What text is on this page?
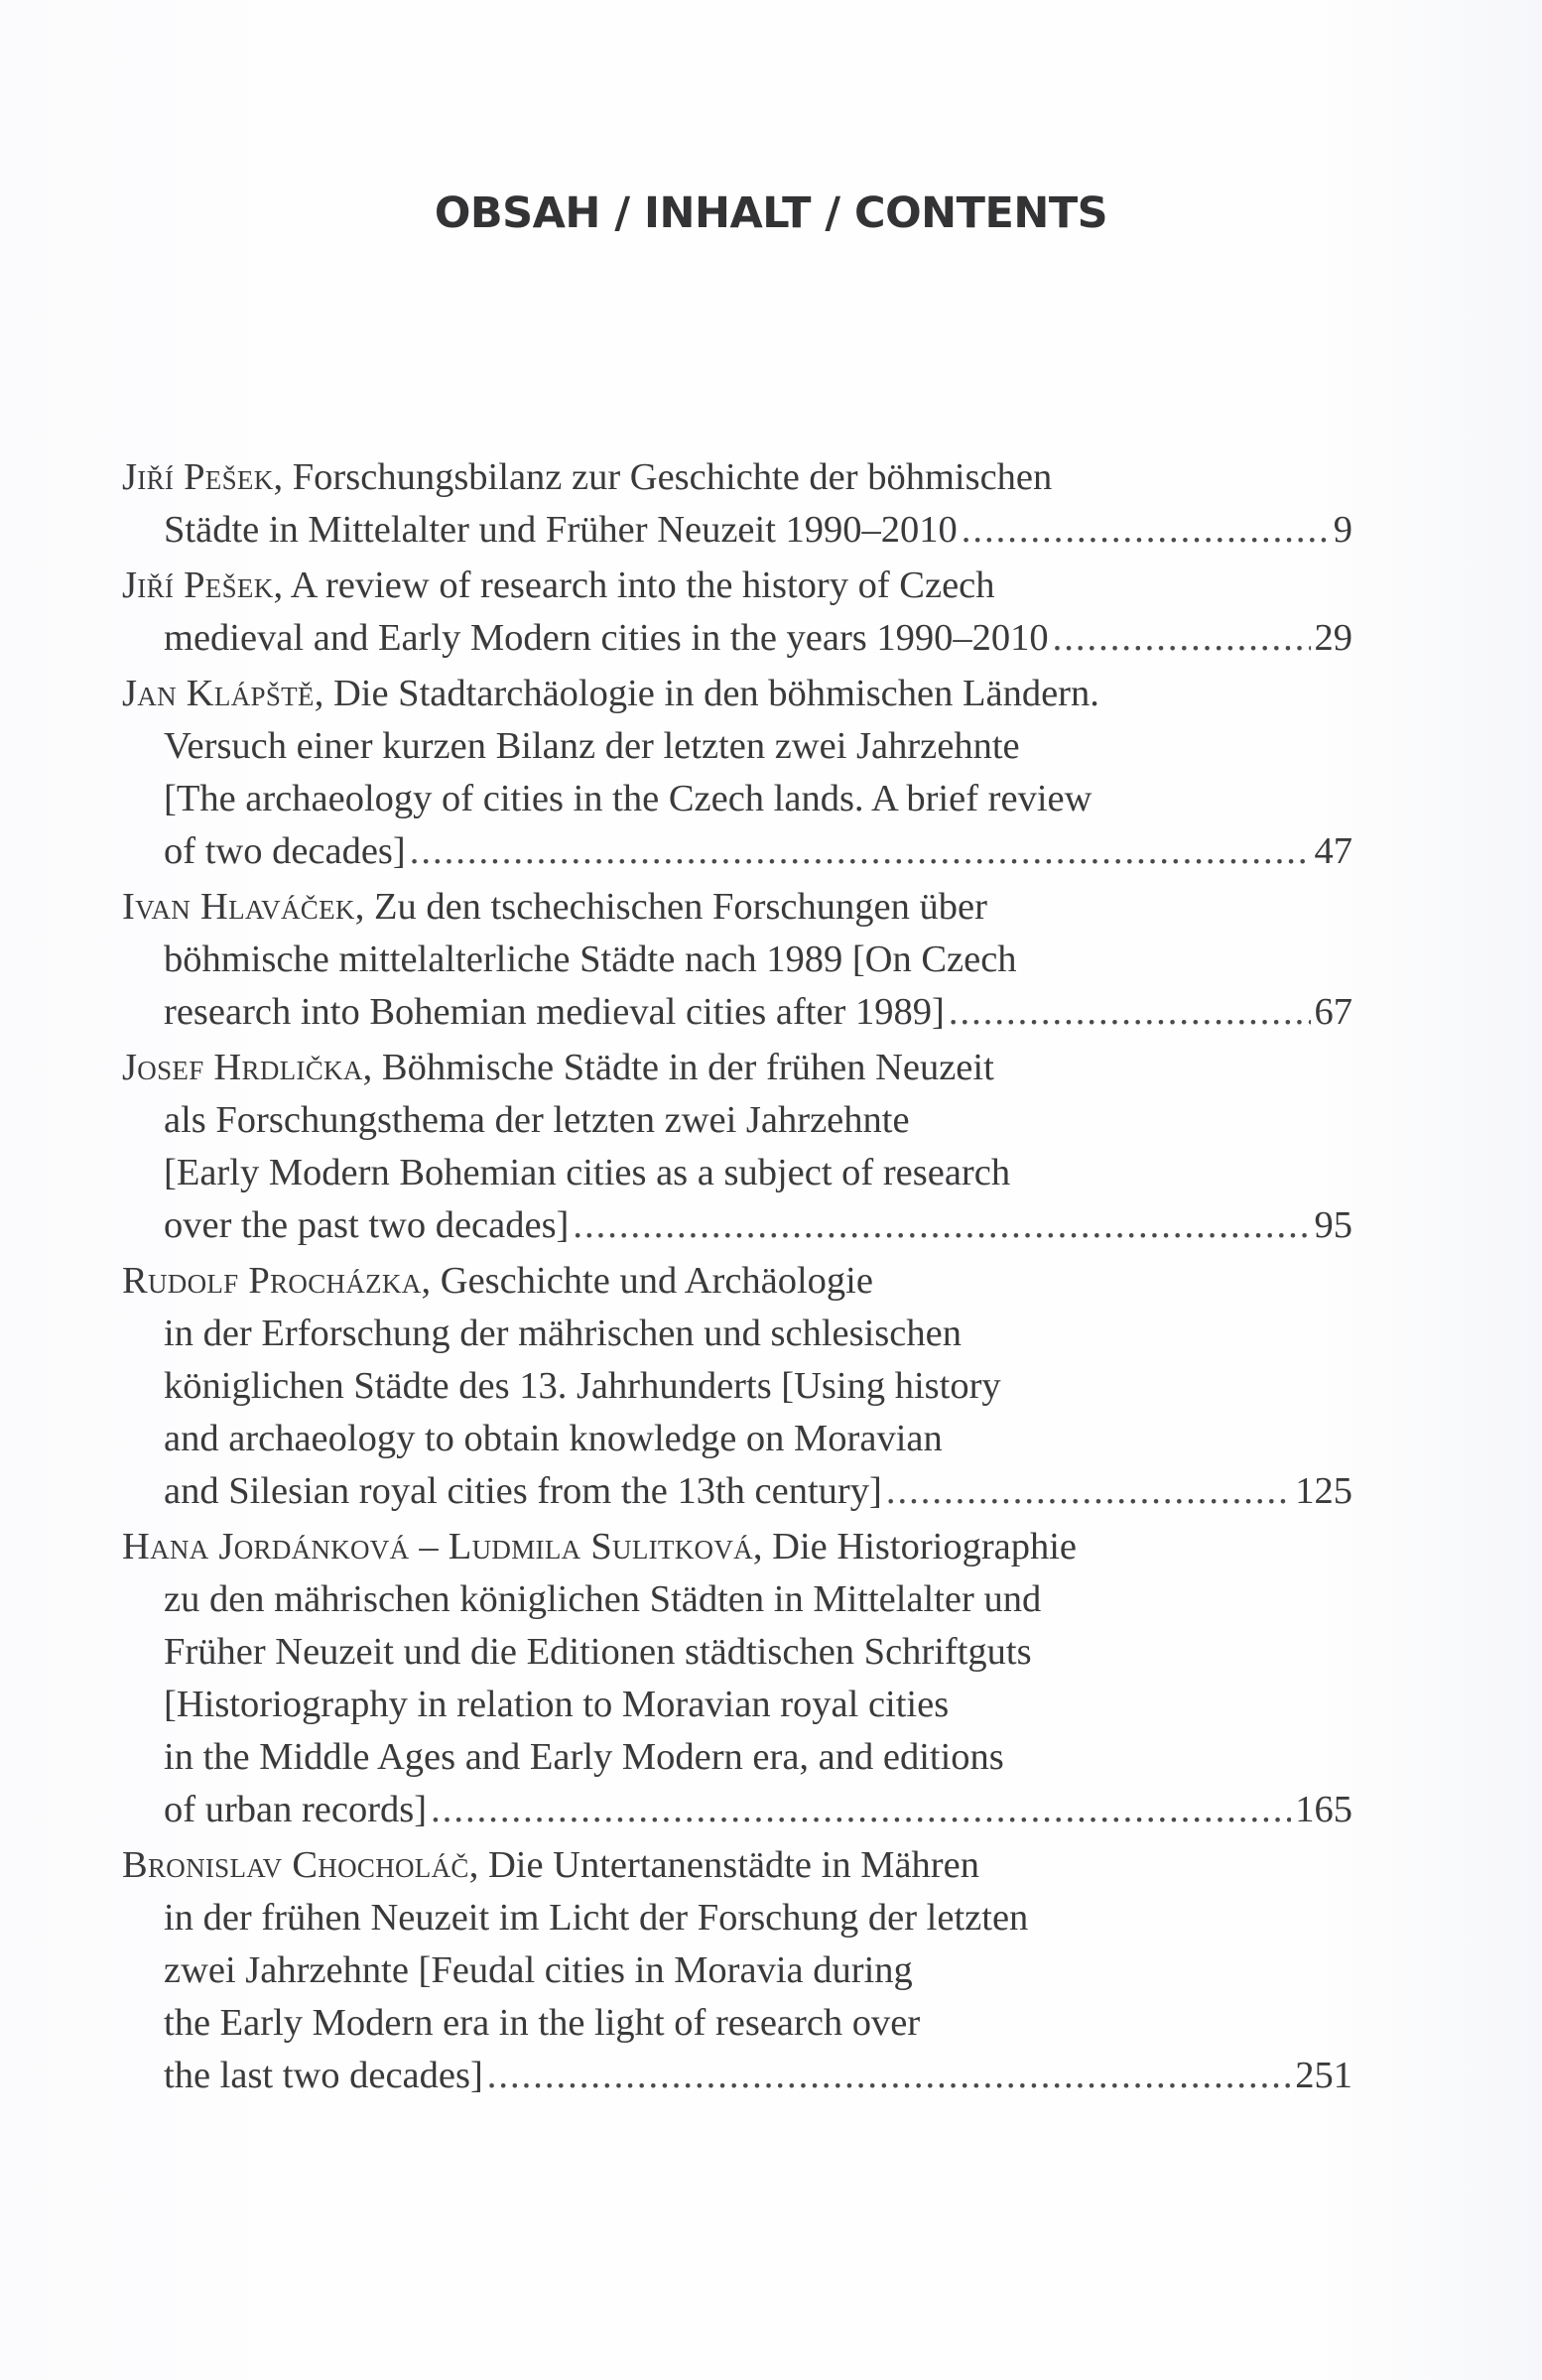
OBSAH / INHALT / CONTENTS
Jiří Pešek, Forschungsbilanz zur Geschichte der böhmischen
Städte in Mittelalter und Früher Neuzeit 1990–2010 .....	9
Jiří Pešek, A review of research into the history of Czech
medieval and Early Modern cities in the years 1990–2010 .....	29
Jan Klápště, Die Stadtarchäologie in den böhmischen Ländern.
Versuch einer kurzen Bilanz der letzten zwei Jahrzehnte
[The archaeology of cities in the Czech lands. A brief review
of two decades] .....	47
Ivan Hlaváček, Zu den tschechischen Forschungen über
böhmische mittelalterliche Städte nach 1989 [On Czech
research into Bohemian medieval cities after 1989] .....	67
Josef Hrdlička, Böhmische Städte in der frühen Neuzeit
als Forschungsthema der letzten zwei Jahrzehnte
[Early Modern Bohemian cities as a subject of research
over the past two decades] .....	95
Rudolf Procházka, Geschichte und Archäologie
in der Erforschung der mährischen und schlesischen
königlichen Städte des 13. Jahrhunderts [Using history
and archaeology to obtain knowledge on Moravian
and Silesian royal cities from the 13th century] .....	125
Hana Jordánková – Ludmila Sulitková, Die Historiographie
zu den mährischen königlichen Städten in Mittelalter und
Früher Neuzeit und die Editionen städtischen Schriftguts
[Historiography in relation to Moravian royal cities
in the Middle Ages and Early Modern era, and editions
of urban records] .....	165
Bronislav Chocholáč, Die Untertanenstädte in Mähren
in der frühen Neuzeit im Licht der Forschung der letzten
zwei Jahrzehnte [Feudal cities in Moravia during
the Early Modern era in the light of research over
the last two decades] .....	251
